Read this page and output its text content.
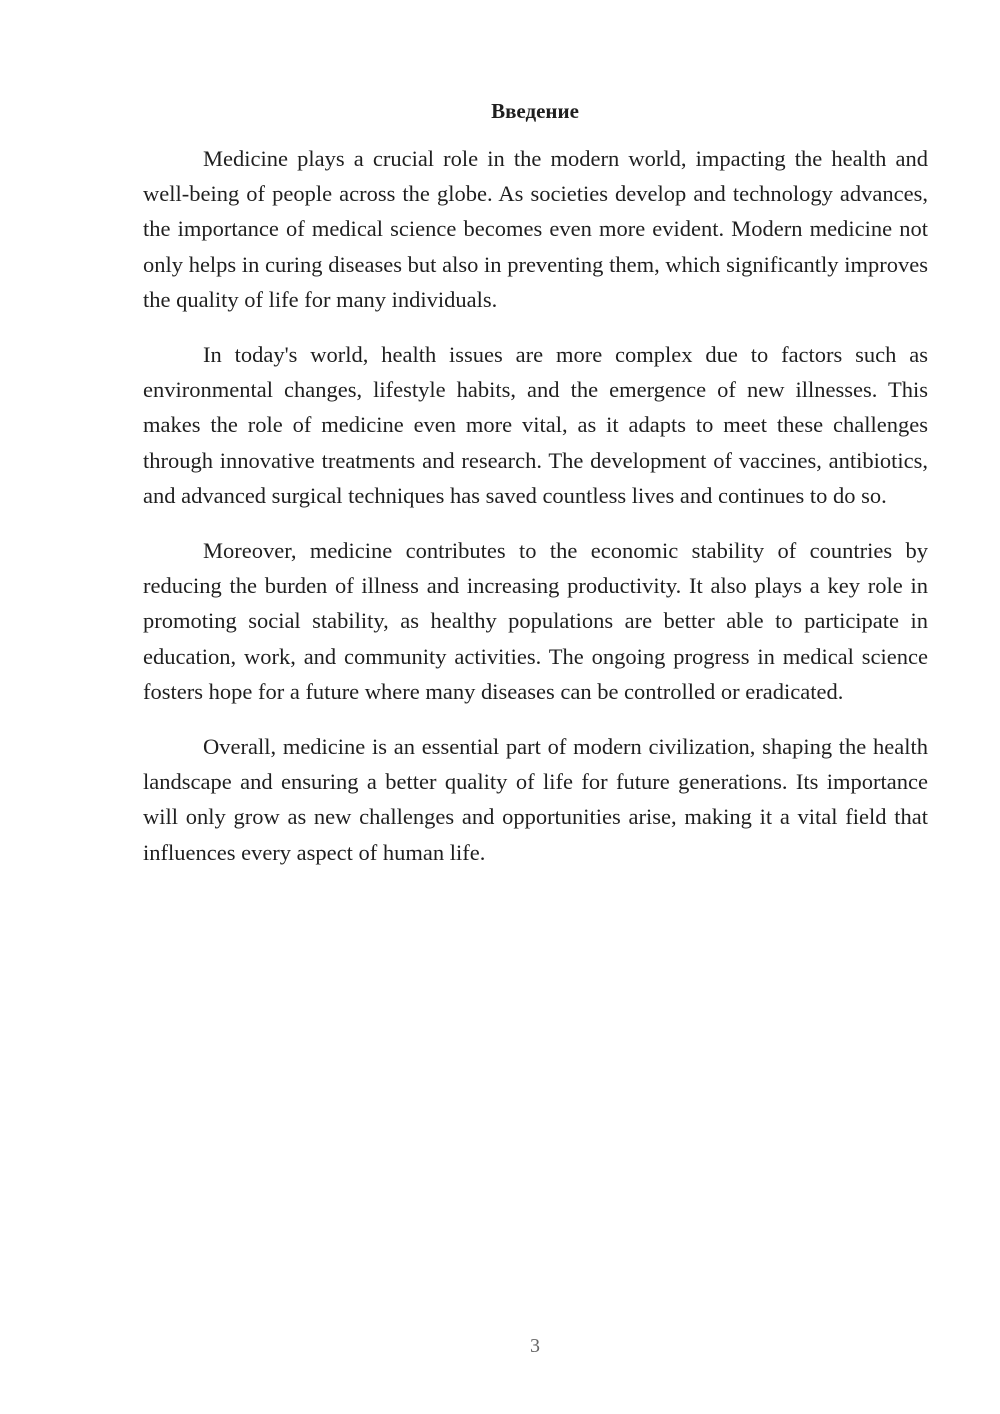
Введение

Medicine plays a crucial role in the modern world, impacting the health and well-being of people across the globe. As societies develop and technology advances, the importance of medical science becomes even more evident. Modern medicine not only helps in curing diseases but also in preventing them, which significantly improves the quality of life for many individuals.

In today's world, health issues are more complex due to factors such as environmental changes, lifestyle habits, and the emergence of new illnesses. This makes the role of medicine even more vital, as it adapts to meet these challenges through innovative treatments and research. The development of vaccines, antibiotics, and advanced surgical techniques has saved countless lives and continues to do so.

Moreover, medicine contributes to the economic stability of countries by reducing the burden of illness and increasing productivity. It also plays a key role in promoting social stability, as healthy populations are better able to participate in education, work, and community activities. The ongoing progress in medical science fosters hope for a future where many diseases can be controlled or eradicated.

Overall, medicine is an essential part of modern civilization, shaping the health landscape and ensuring a better quality of life for future generations. Its importance will only grow as new challenges and opportunities arise, making it a vital field that influences every aspect of human life.

3
